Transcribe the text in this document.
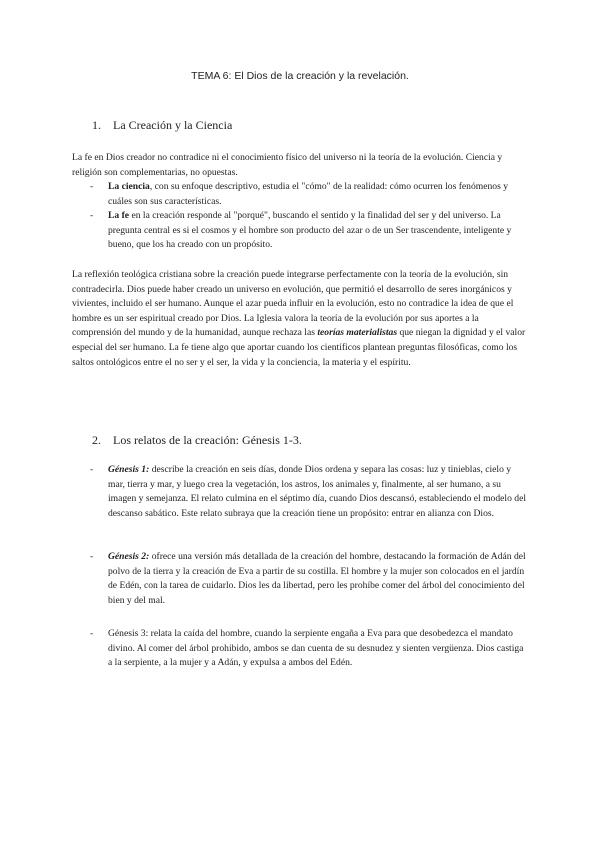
TEMA 6: El Dios de la creación y la revelación.
1. La Creación y la Ciencia

La fe en Dios creador no contradice ni el conocimiento físico del universo ni la teoría de la evolución. Ciencia y religión son complementarias, no opuestas.

- La ciencia, con su enfoque descriptivo, estudia el "cómo" de la realidad: cómo ocurren los fenómenos y cuáles son sus características.

- La fe en la creación responde al "porqué", buscando el sentido y la finalidad del ser y del universo. La pregunta central es si el cosmos y el hombre son producto del azar o de un Ser trascendente, inteligente y bueno, que los ha creado con un propósito.

La reflexión teológica cristiana sobre la creación puede integrarse perfectamente con la teoría de la evolución, sin contradecirla. Dios puede haber creado un universo en evolución, que permitió el desarrollo de seres inorgánicos y vivientes, incluido el ser humano. Aunque el azar pueda influir en la evolución, esto no contradice la idea de que el hombre es un ser espiritual creado por Dios. La Iglesia valora la teoría de la evolución por sus aportes a la comprensión del mundo y de la humanidad, aunque rechaza las teorías materialistas que niegan la dignidad y el valor especial del ser humano. La fe tiene algo que aportar cuando los científicos plantean preguntas filosóficas, como los saltos ontológicos entre el no ser y el ser, la vida y la conciencia, la materia y el espíritu.

2. Los relatos de la creación: Génesis 1-3.

- Génesis 1: describe la creación en seis días, donde Dios ordena y separa las cosas: luz y tinieblas, cielo y mar, tierra y mar, y luego crea la vegetación, los astros, los animales y, finalmente, al ser humano, a su imagen y semejanza. El relato culmina en el séptimo día, cuando Dios descansó, estableciendo el modelo del descanso sabático. Este relato subraya que la creación tiene un propósito: entrar en alianza con Dios.

- Génesis 2: ofrece una versión más detallada de la creación del hombre, destacando la formación de Adán del polvo de la tierra y la creación de Eva a partir de su costilla. El hombre y la mujer son colocados en el jardín de Edén, con la tarea de cuidarlo. Dios les da libertad, pero les prohíbe comer del árbol del conocimiento del bien y del mal.

- Génesis 3: relata la caída del hombre, cuando la serpiente engaña a Eva para que desobedezca el mandato divino. Al comer del árbol prohibido, ambos se dan cuenta de su desnudez y sienten vergüenza. Dios castiga a la serpiente, a la mujer y a Adán, y expulsa a ambos del Edén.
